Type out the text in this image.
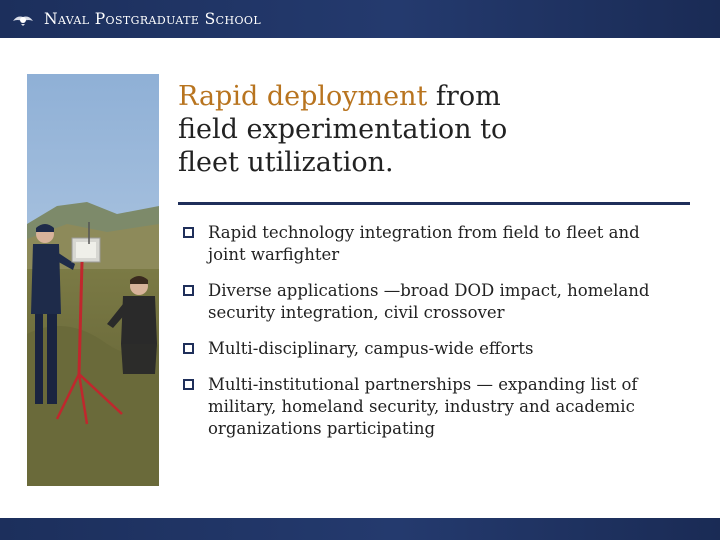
Naval Postgraduate School
Rapid deployment from
field experimentation to
fleet utilization.
Rapid technology integration from field to fleet and joint warfighter
Diverse applications —broad DOD impact, homeland security integration, civil crossover
Multi-disciplinary, campus-wide efforts
Multi-institutional partnerships — expanding list of military, homeland security, industry and academic organizations participating
